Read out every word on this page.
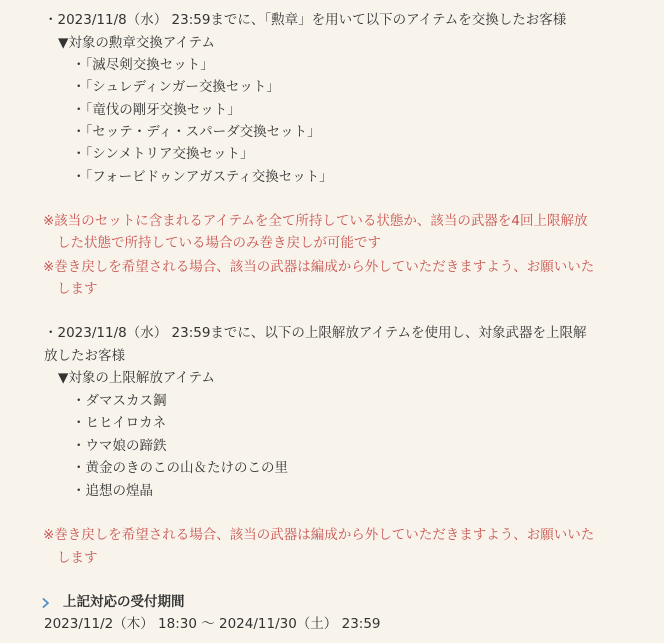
・2023/11/8（水） 23:59までに、「勲章」を用いて以下のアイテムを交換したお客様
▼対象の勲章交換アイテム
・「滅尽剣交換セット」
・「シュレディンガー交換セット」
・「竜伐の剛牙交換セット」
・「セッテ・ディ・スパーダ交換セット」
・「シンメトリア交換セット」
・「フォービドゥンアガスティ交換セット」
※該当のセットに含まれるアイテムを全て所持している状態か、該当の武器を4回上限解放
した状態で所持している場合のみ巻き戻しが可能です
※巻き戻しを希望される場合、該当の武器は編成から外していただきますよう、お願いいた
します
・2023/11/8（水） 23:59までに、以下の上限解放アイテムを使用し、対象武器を上限解
放したお客様
▼対象の上限解放アイテム
・ダマスカス鋼
・ヒヒイロカネ
・ウマ娘の蹄鉄
・黄金のきのこの山＆たけのこの里
・追想の煌晶
※巻き戻しを希望される場合、該当の武器は編成から外していただきますよう、お願いいた
します
上記対応の受付期間
2023/11/2（木） 18:30 ～ 2024/11/30（土） 23:59
